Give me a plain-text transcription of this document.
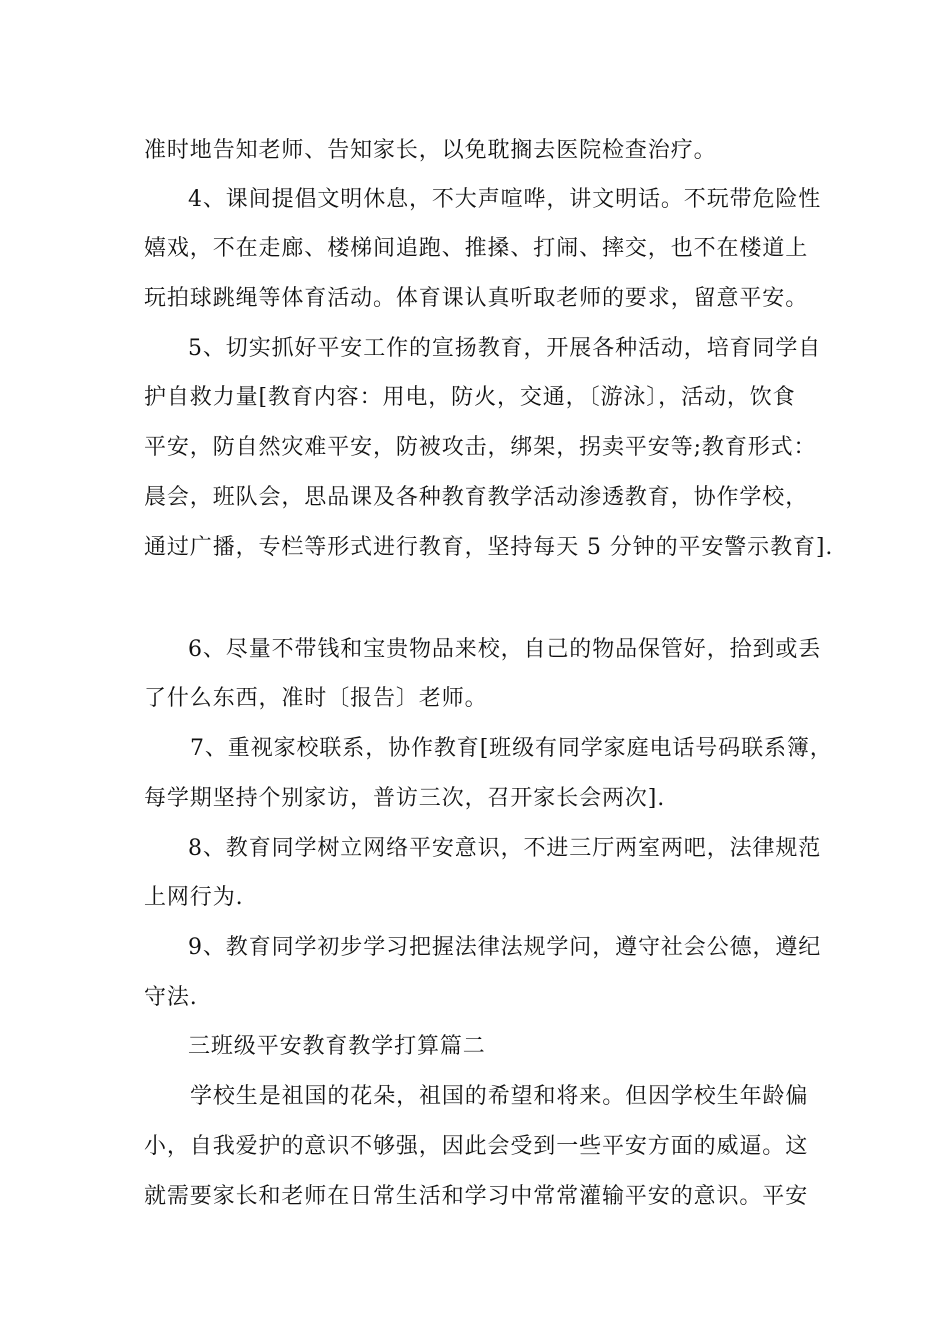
准时地告知老师、告知家长，以免耽搁去医院检查治疗。
4、课间提倡文明休息，不大声喧哗，讲文明话。不玩带危险性
嬉戏，不在走廊、楼梯间追跑、推搡、打闹、摔交，也不在楼道上
玩拍球跳绳等体育活动。体育课认真听取老师的要求，留意平安。
5、切实抓好平安工作的宣扬教育，开展各种活动，培育同学自
护自救力量[教育内容：用电，防火，交通，〔游泳〕，活动，饮食
平安，防自然灾难平安，防被攻击，绑架，拐卖平安等;教育形式：
晨会，班队会，思品课及各种教育教学活动渗透教育，协作学校，
通过广播，专栏等形式进行教育，坚持每天 5 分钟的平安警示教育].
6、尽量不带钱和宝贵物品来校，自己的物品保管好，拾到或丢
了什么东西，准时〔报告〕老师。
7、重视家校联系，协作教育[班级有同学家庭电话号码联系簿，
每学期坚持个别家访，普访三次，召开家长会两次].
8、教育同学树立网络平安意识，不进三厅两室两吧，法律规范
上网行为.
9、教育同学初步学习把握法律法规学问，遵守社会公德，遵纪
守法.
三班级平安教育教学打算篇二
学校生是祖国的花朵，祖国的希望和将来。但因学校生年龄偏
小，自我爱护的意识不够强，因此会受到一些平安方面的威逼。这
就需要家长和老师在日常生活和学习中常常灌输平安的意识。平安
